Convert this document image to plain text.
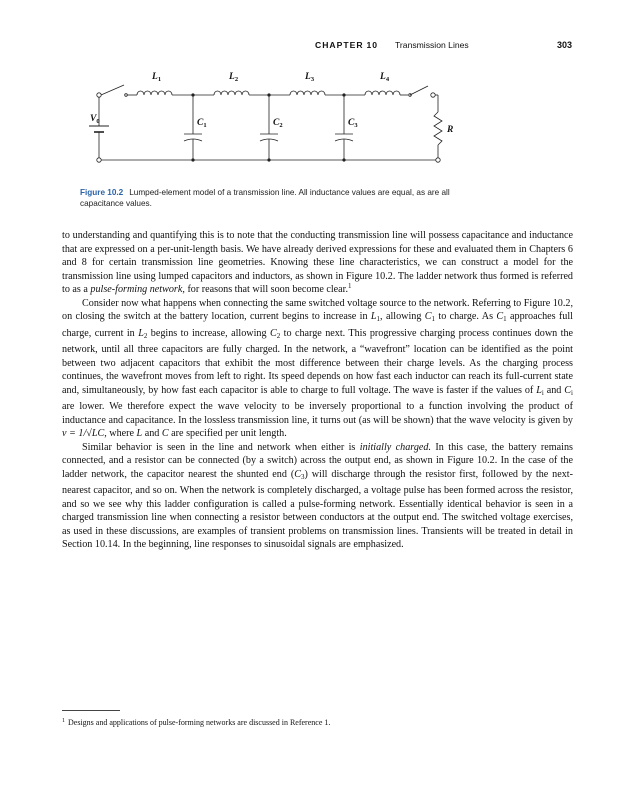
CHAPTER 10 Transmission Lines	303
$L_1$	$L_2$	$L_3$	$L_4$
$V_0$	$C_1$	$C_2$	$C_3$	R
Figure 10.2 Lumped-element model of a transmission line. All inductance values are equal, as are all capacitance values.

to understanding and quantifying this is to note that the conducting transmission line will possess capacitance and inductance that are expressed on a per-unit-length basis. We have already derived expressions for these and evaluated them in Chapters 6 and 8 for certain transmission line geometries. Knowing these line characteristics, we can construct a model for the transmission line using lumped capacitors and inductors, as shown in Figure 10.2. The ladder network thus formed is referred to as a pulse-forming network, for reasons that will soon become clear.$^1$

Consider now what happens when connecting the same switched voltage source to the network. Referring to Figure 10.2, on closing the switch at the battery location, current begins to increase in $L_1$, allowing $C_1$ to charge. As $C_1$ approaches full charge, current in $L_2$ begins to increase, allowing $C_2$ to charge next. This progressive charging process continues down the network, until all three capacitors are fully charged. In the network, a “wavefront” location can be identified as the point between two adjacent capacitors that exhibit the most difference between their charge levels. As the charging process continues, the wavefront moves from left to right. Its speed depends on how fast each inductor can reach its full-current state and, simultaneously, by how fast each capacitor is able to charge to full voltage. The wave is faster if the values of $L_i$ and $C_i$ are lower. We therefore expect the wave velocity to be inversely proportional to a function involving the product of inductance and capacitance. In the lossless transmission line, it turns out (as will be shown) that the wave velocity is given by ν = 1/√LC, where L and C are specified per unit length.

Similar behavior is seen in the line and network when either is initially charged. In this case, the battery remains connected, and a resistor can be connected (by a switch) across the output end, as shown in Figure 10.2. In the case of the ladder network, the capacitor nearest the shunted end $(C_3)$ will discharge through the resistor first, followed by the next-nearest capacitor, and so on. When the network is completely discharged, a voltage pulse has been formed across the resistor, and so we see why this ladder configuration is called a pulse-forming network. Essentially identical behavior is seen in a charged transmission line when connecting a resistor between conductors at the output end. The switched voltage exercises, as used in these discussions, are examples of transient problems on transmission lines. Transients will be treated in detail in Section 10.14. In the beginning, line responses to sinusoidal signals are emphasized.

$^1$ Designs and applications of pulse-forming networks are discussed in Reference 1.
